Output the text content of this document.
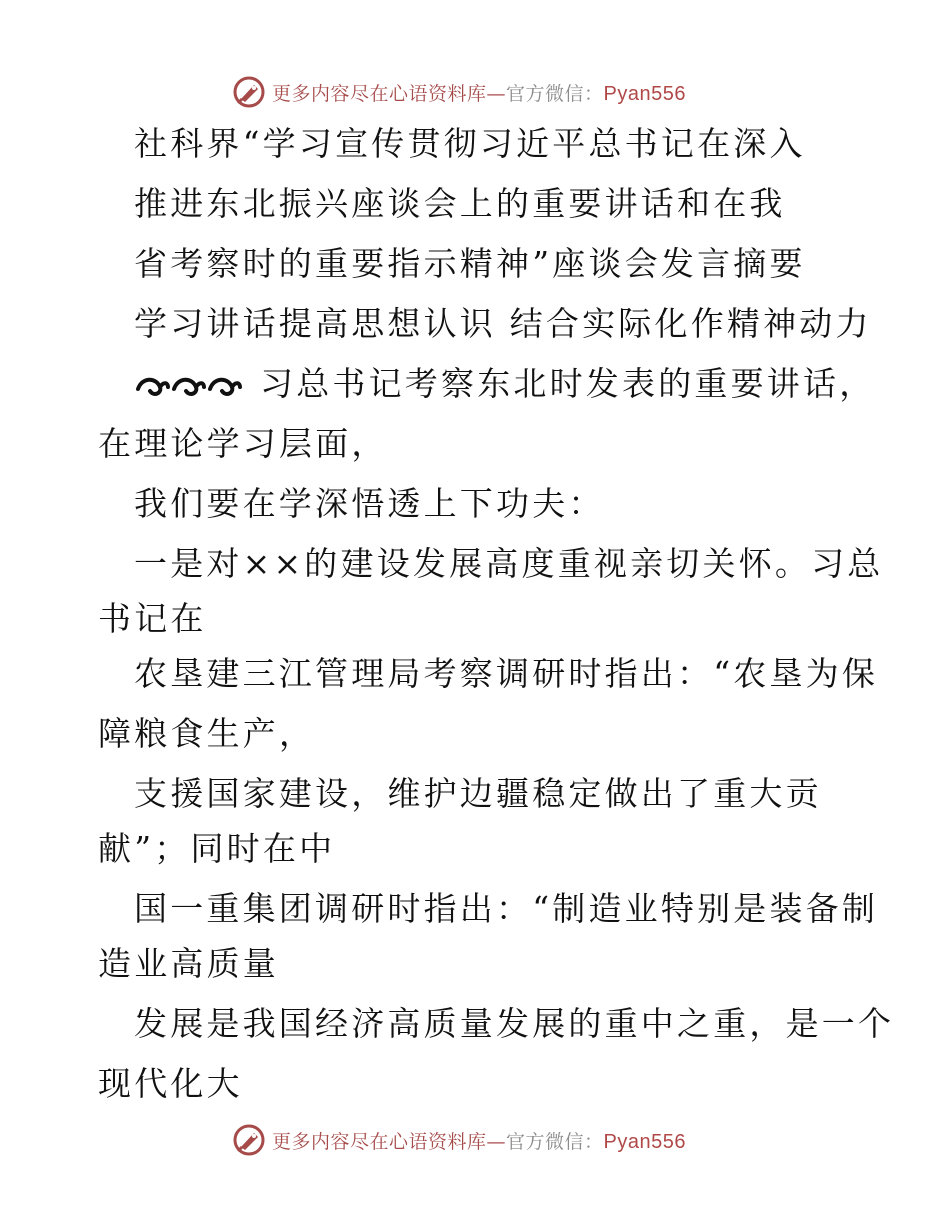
更多内容尽在心语资料库—官方微信：Pyan556
社科界“学习宣传贯彻习近平总书记在深入
推进东北振兴座谈会上的重要讲话和在我
省考察时的重要指示精神”座谈会发言摘要
学习讲话提高思想认识 结合实际化作精神动力
习总书记考察东北时发表的重要讲话，
在理论学习层面，
我们要在学深悟透上下功夫：
一是对××的建设发展高度重视亲切关怀。习总
书记在
农垦建三江管理局考察调研时指出：“农垦为保
障粮食生产，
支援国家建设，维护边疆稳定做出了重大贡
献”；同时在中
国一重集团调研时指出：“制造业特别是装备制
造业高质量
发展是我国经济高质量发展的重中之重，是一个
现代化大
更多内容尽在心语资料库—官方微信：Pyan556
